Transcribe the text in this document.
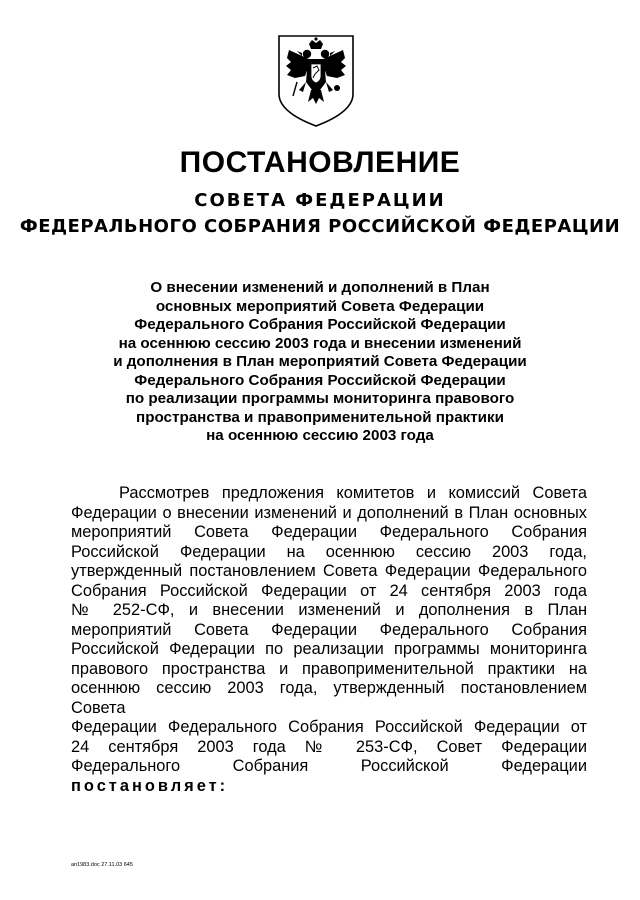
ПОСТАНОВЛЕНИЕ
СОВЕТА ФЕДЕРАЦИИ
ФЕДЕРАЛЬНОГО СОБРАНИЯ РОССИЙСКОЙ ФЕДЕРАЦИИ
О внесении изменений и дополнений в План
основных мероприятий Совета Федерации
Федерального Собрания Российской Федерации
на осеннюю сессию 2003 года и внесении изменений
и дополнения в План мероприятий Совета Федерации
Федерального Собрания Российской Федерации
по реализации программы мониторинга правового
пространства и правоприменительной практики
на осеннюю сессию 2003 года
Рассмотрев предложения комитетов и комиссий Совета
Федерации о внесении изменений и дополнений в План основных
мероприятий Совета Федерации Федерального Собрания
Российской Федерации на осеннюю сессию 2003 года,
утвержденный постановлением Совета Федерации Федерального
Собрания Российской Федерации от 24 сентября 2003 года
№ 252-СФ, и внесении изменений и дополнения в План
мероприятий Совета Федерации Федерального Собрания
Российской Федерации по реализации программы мониторинга
правового пространства и правоприменительной практики на
осеннюю сессию 2003 года, утвержденный постановлением Совета
Федерации Федерального Собрания Российской Федерации от
24 сентября 2003 года № 253-СФ, Совет Федерации
Федерального Собрания Российской Федерации
постановляет:
ап1983.doc 27.11.03 645
